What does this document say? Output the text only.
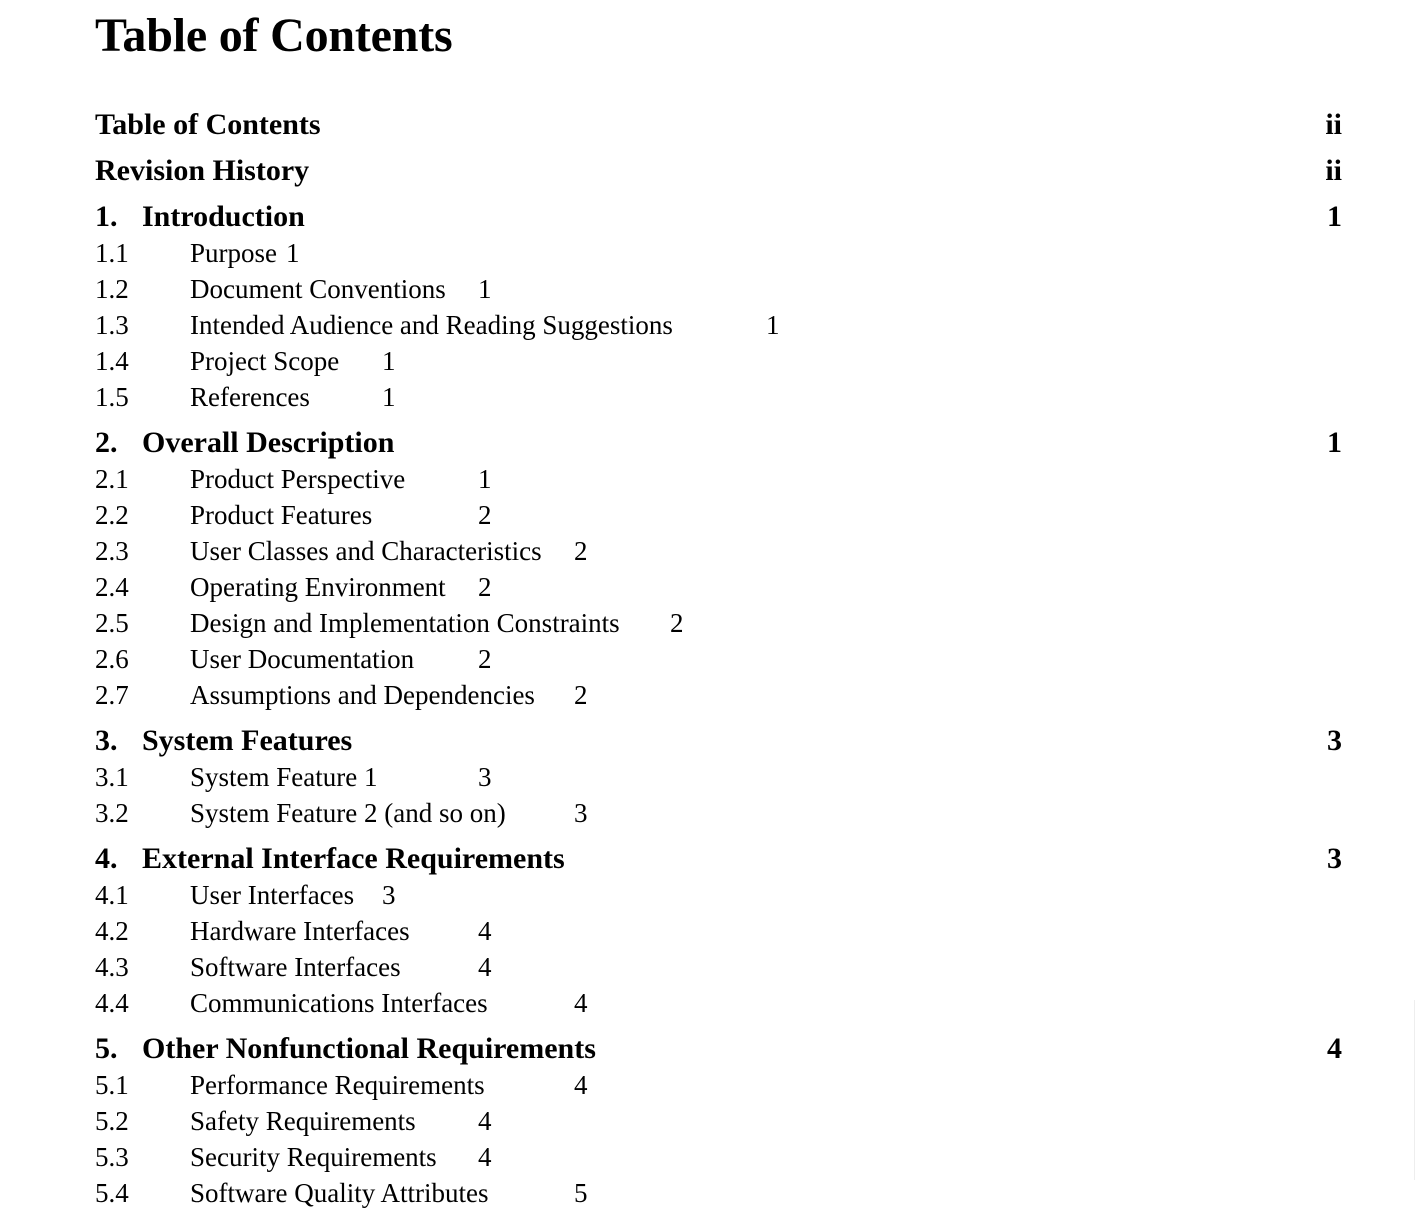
Table of Contents
Table of Contents	ii
Revision History	ii
1. Introduction	1
1.1 Purpose 1
1.2 Document Conventions 1
1.3 Intended Audience and Reading Suggestions	1
1.4 Project Scope 1
1.5 References	1
2. Overall Description	1
2.1 Product Perspective	1
2.2 Product Features	2
2.3 User Classes and Characteristics 2
2.4 Operating Environment 2
2.5 Design and Implementation Constraints 2
2.6 User Documentation 2
2.7 Assumptions and Dependencies 2
3. System Features	3
3.1 System Feature 1	3
3.2 System Feature 2 (and so on)	3
4. External Interface Requirements	3
4.1 User Interfaces 3
4.2 Hardware Interfaces	4
4.3 Software Interfaces	4
4.4 Communications Interfaces	4
5. Other Nonfunctional Requirements	4
5.1 Performance Requirements	4
5.2 Safety Requirements 4
5.3 Security Requirements 4
5.4 Software Quality Attributes	5
